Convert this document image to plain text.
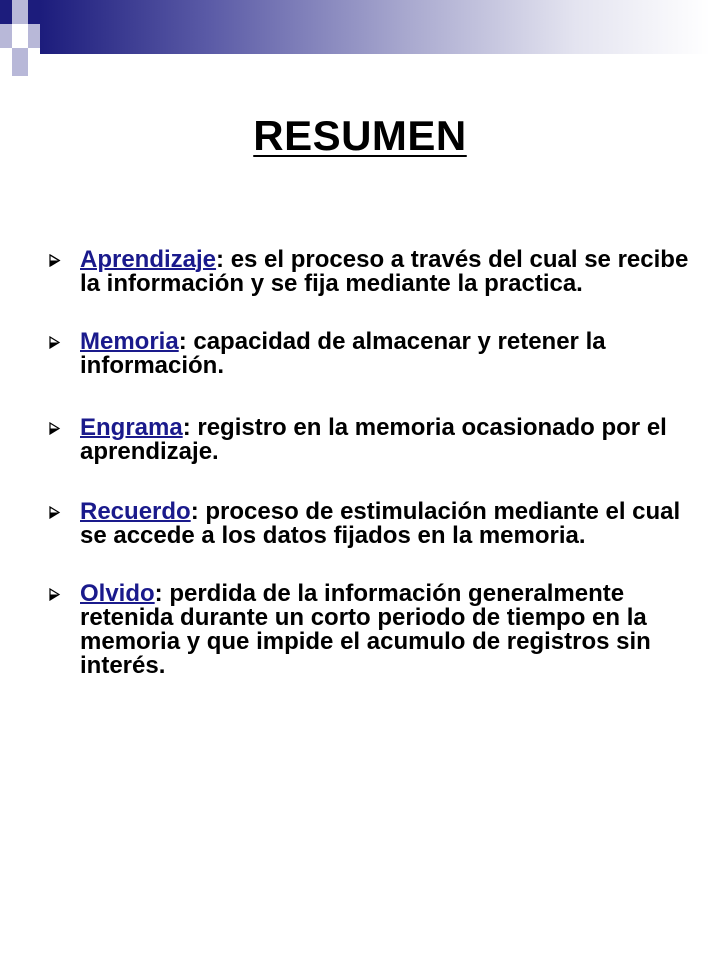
RESUMEN
Aprendizaje: es el proceso a través del cual se recibe la información y se fija mediante la practica.
Memoria: capacidad de almacenar y retener la información.
Engrama: registro en la memoria ocasionado por el aprendizaje.
Recuerdo: proceso de estimulación mediante el cual se accede a los datos fijados en la memoria.
Olvido: perdida de la información generalmente retenida durante un corto periodo de tiempo en la memoria y que impide el acumulo de registros sin interés.
